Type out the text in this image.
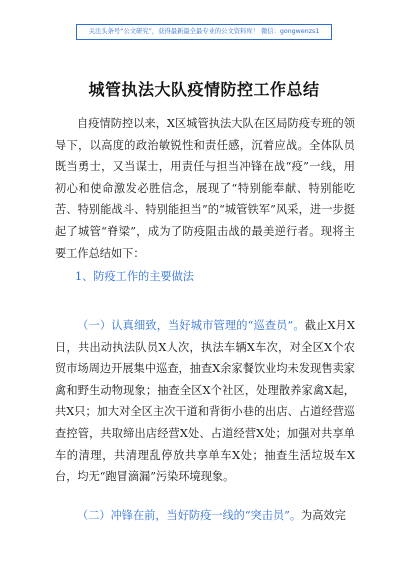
关注头条号“公文研究”，获得最新最全最专业的公文资料库！ 微信：gongwenzs1
城管执法大队疫情防控工作总结
自疫情防控以来，X区城管执法大队在区局防疫专班的领导下，以高度的政治敏锐性和责任感，沉着应战。全体队员既当勇士，又当谋士，用责任与担当冲锋在战“疫”一线，用初心和使命激发必胜信念，展现了“特别能奉献、特别能吃苦、特别能战斗、特别能担当”的“城管铁军”风采，进一步挺起了城管“脊梁”，成为了防疫阻击战的最美逆行者。现将主要工作总结如下：
1、防疫工作的主要做法
（一）认真细致，当好城市管理的“巡查员”。截止X月X日，共出动执法队员X人次，执法车辆X车次，对全区X个农贸市场周边开展集中巡查，抽查X余家餐饮业均未发现售卖家禽和野生动物现象；抽查全区X个社区，处理散养家禽X起，共X只；加大对全区主次干道和背街小巷的出店、占道经营巡查控管，共取缔出店经营X处、占道经营X处；加强对共享单车的清理，共清理乱停放共享单车X处；抽查生活垃圾车X台，均无“跑冒滴漏”污染环境现象。
（二）冲锋在前，当好防疫一线的“突击员”。为高效完
